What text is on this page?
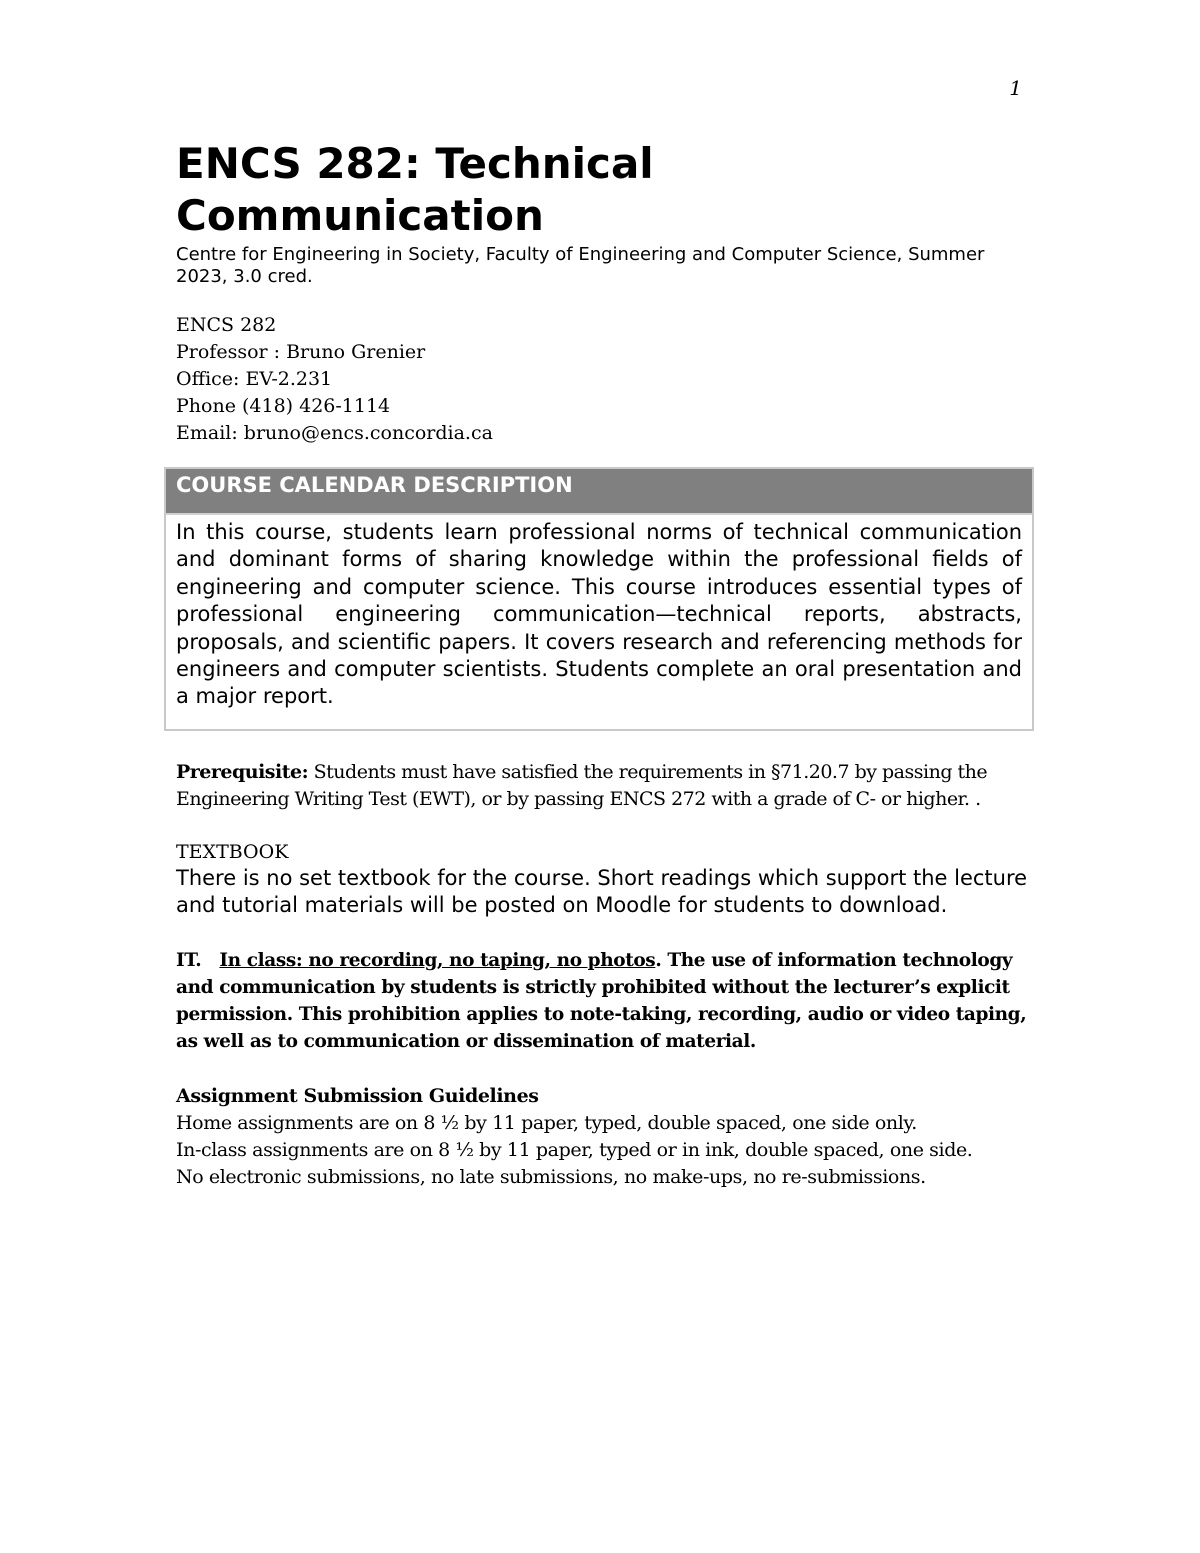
1
ENCS 282: Technical Communication
Centre for Engineering in Society, Faculty of Engineering and Computer Science, Summer 2023, 3.0 cred.
ENCS 282
Professor : Bruno Grenier
Office: EV-2.231
Phone (418) 426-1114
Email: bruno@encs.concordia.ca
COURSE CALENDAR DESCRIPTION
In this course, students learn professional norms of technical communication and dominant forms of sharing knowledge within the professional fields of engineering and computer science. This course introduces essential types of professional engineering communication—technical reports, abstracts, proposals, and scientific papers. It covers research and referencing methods for engineers and computer scientists. Students complete an oral presentation and a major report.
Prerequisite: Students must have satisfied the requirements in §71.20.7 by passing the Engineering Writing Test (EWT), or by passing ENCS 272 with a grade of C- or higher. .
TEXTBOOK
There is no set textbook for the course. Short readings which support the lecture and tutorial materials will be posted on Moodle for students to download.
IT.   In class: no recording, no taping, no photos. The use of information technology and communication by students is strictly prohibited without the lecturer’s explicit permission. This prohibition applies to note-taking, recording, audio or video taping, as well as to communication or dissemination of material.
Assignment Submission Guidelines
Home assignments are on 8 ½ by 11 paper, typed, double spaced, one side only.
In-class assignments are on 8 ½ by 11 paper, typed or in ink, double spaced, one side.
No electronic submissions, no late submissions, no make-ups, no re-submissions.
